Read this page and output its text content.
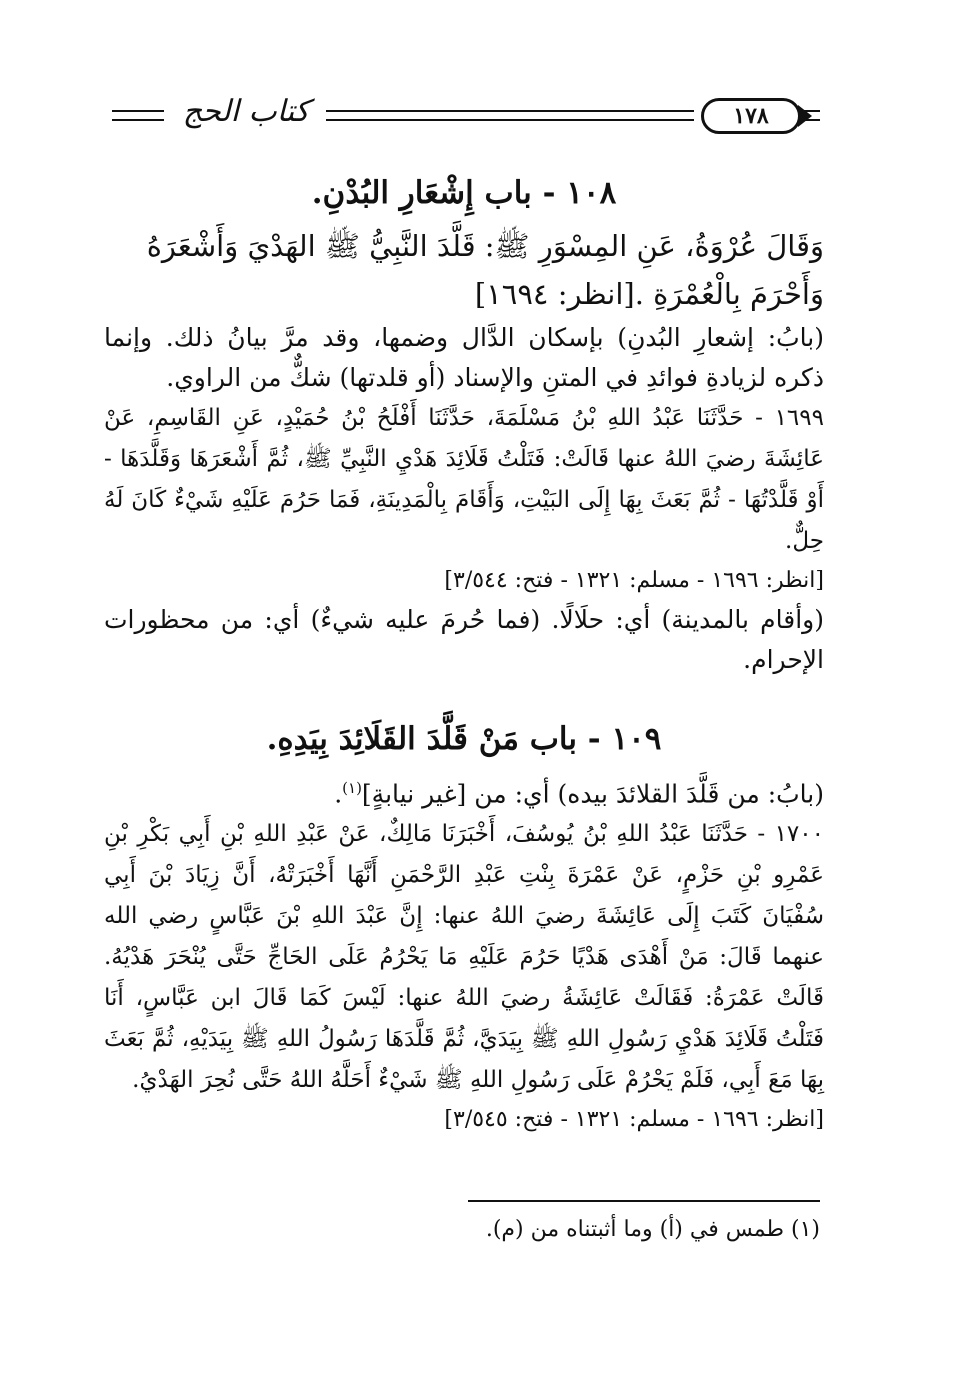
كتاب الحج	١٧٨
١٠٨ - باب إِشْعَارِ البُدْنِ.
وَقَالَ عُرْوَةُ، عَنِ المِسْوَرِ ﷺ: قَلَّدَ النَّبِيُّ ﷺ الهَدْيَ وَأَشْعَرَهُ
وَأَحْرَمَ بِالْعُمْرَةِ .[انظر: ١٦٩٤]
(بابُ: إشعارِ البُدنِ) بإسكان الدَّال وضمها، وقد مرَّ بيانُ ذلك. وإنما ذكره لزيادةِ فوائدِ في المتنِ والإسناد (أو قلدتها) شكٌّ من الراوي.
١٦٩٩ - حَدَّثَنَا عَبْدُ اللهِ بْنُ مَسْلَمَةَ، حَدَّثَنَا أَفْلَحُ بْنُ حُمَيْدٍ، عَنِ القَاسِمِ، عَنْ عَائِشَةَ رضيَ اللهُ عنها قَالَتْ: فَتَلْتُ قَلَائِدَ هَدْيِ النَّبِيِّ ﷺ، ثُمَّ أَشْعَرَهَا وَقَلَّدَهَا - أَوْ قَلَّدْتُهَا - ثُمَّ بَعَثَ بِهَا إِلَى البَيْتِ، وَأَقَامَ بِالْمَدِينَةِ، فَمَا حَرُمَ عَلَيْهِ شَيْءٌ كَانَ لَهُ حِلٌّ.
[انظر: ١٦٩٦ - مسلم: ١٣٢١ - فتح: ٣/٥٤٤]
(وأقام بالمدينة) أي: حلَالًا. (فما حُرمَ عليه شيءٌ) أي: من محظورات الإحرام.
١٠٩ - باب مَنْ قَلَّدَ القَلَائِدَ بِيَدِهِ.
(بابُ: من قَلَّدَ القلائدَ بيده) أي: من [غير نيابةٍ]$^{(١)}$.
١٧٠٠ - حَدَّثَنَا عَبْدُ اللهِ بْنُ يُوسُفَ، أَخْبَرَنَا مَالِكٌ، عَنْ عَبْدِ اللهِ بْنِ أَبِي بَكْرِ بْنِ عَمْرِو بْنِ حَزْمٍ، عَنْ عَمْرَةَ بِنْتِ عَبْدِ الرَّحْمَنِ أَنَّهَا أَخْبَرَتْهُ، أَنَّ زِيَادَ بْنَ أَبِي سُفْيَانَ كَتَبَ إِلَى عَائِشَةَ رضيَ اللهُ عنها: إِنَّ عَبْدَ اللهِ بْنَ عَبَّاسٍ رضي الله عنهما قَالَ: مَنْ أَهْدَى هَدْيًا حَرُمَ عَلَيْهِ مَا يَحْرُمُ عَلَى الحَاجِّ حَتَّى يُنْحَرَ هَدْيُهُ. قَالَتْ عَمْرَةُ: فَقَالَتْ عَائِشَةُ رضيَ اللهُ عنها: لَيْسَ كَمَا قَالَ ابن عَبَّاسٍ، أَنَا فَتَلْتُ قَلَائِدَ هَدْيِ رَسُولِ اللهِ ﷺ بِيَدَيَّ، ثُمَّ قَلَّدَهَا رَسُولُ اللهِ ﷺ بِيَدَيْهِ، ثُمَّ بَعَثَ بِهَا مَعَ أَبِي، فَلَمْ يَحْرُمْ عَلَى رَسُولِ اللهِ ﷺ شَيْءٌ أَحَلَّهُ اللهُ حَتَّى نُحِرَ الهَدْيُ.
[انظر: ١٦٩٦ - مسلم: ١٣٢١ - فتح: ٣/٥٤٥]
(١) طمس في (أ) وما أثبتناه من (م).
